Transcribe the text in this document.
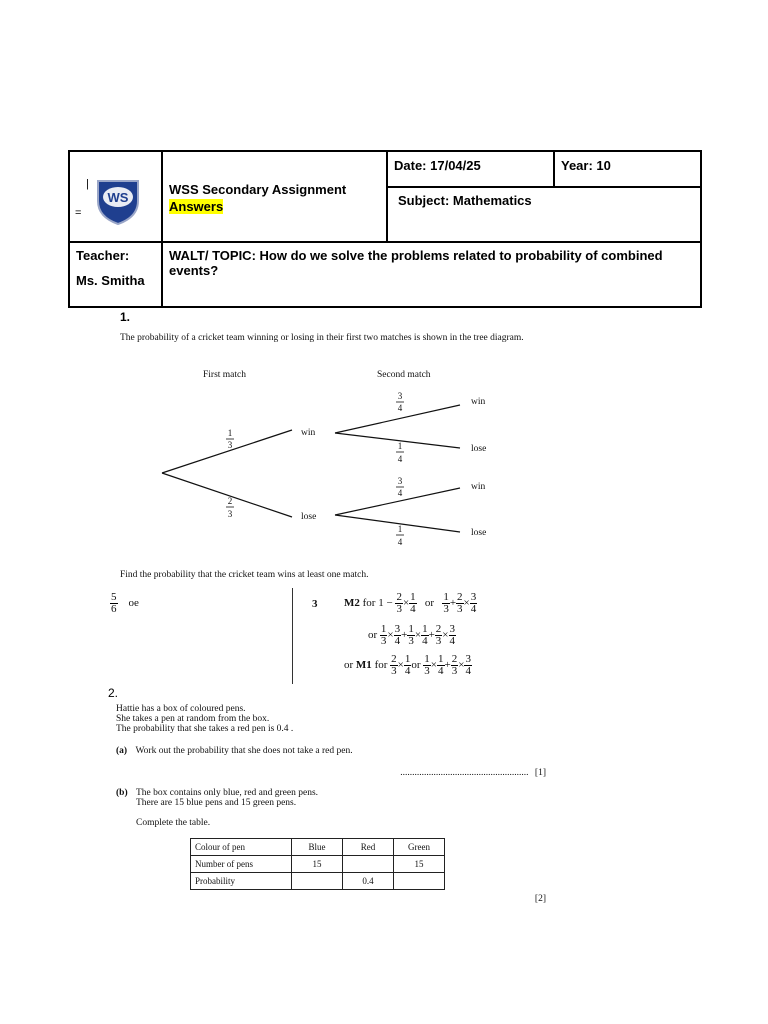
|
=
WS
WSS Secondary Assignment
Answers
Date: 17/04/25	Year: 10
Subject: Mathematics
Teacher:
Ms. Smitha
WALT/ TOPIC: How do we solve the problems related to probability of combined events?
1.
The probability of a cricket team winning or losing in their first two matches is shown in the tree diagram.
First match	Second match
win
lose
win
lose
win
lose
1
3
2
3
3
4
1
4
3
4
1
4
Find the probability that the cricket team wins at least one match.
$\frac{5}{6}$ oe	3 M2 for $1 - \frac{2}{3} \times \frac{1}{4}$ or $\frac{1}{3} + \frac{2}{3} \times \frac{3}{4}$
or $\frac{1}{3} \times \frac{3}{4} + \frac{1}{3} \times \frac{1}{4} + \frac{2}{3} \times \frac{3}{4}$
or M1 for $\frac{2}{3} \times \frac{1}{4}$ or $\frac{1}{3} \times \frac{1}{4} + \frac{2}{3} \times \frac{3}{4}$
2.
Hattie has a box of coloured pens.
She takes a pen at random from the box.
The probability that she takes a red pen is 0.4 .
(a) Work out the probability that she does not take a red pen.
...................................................... [1]
(b) The box contains only blue, red and green pens.
There are 15 blue pens and 15 green pens.
Complete the table.
Colour of pen	Blue	Red	Green
Number of pens	15		15
Probability		0.4	
[2]
